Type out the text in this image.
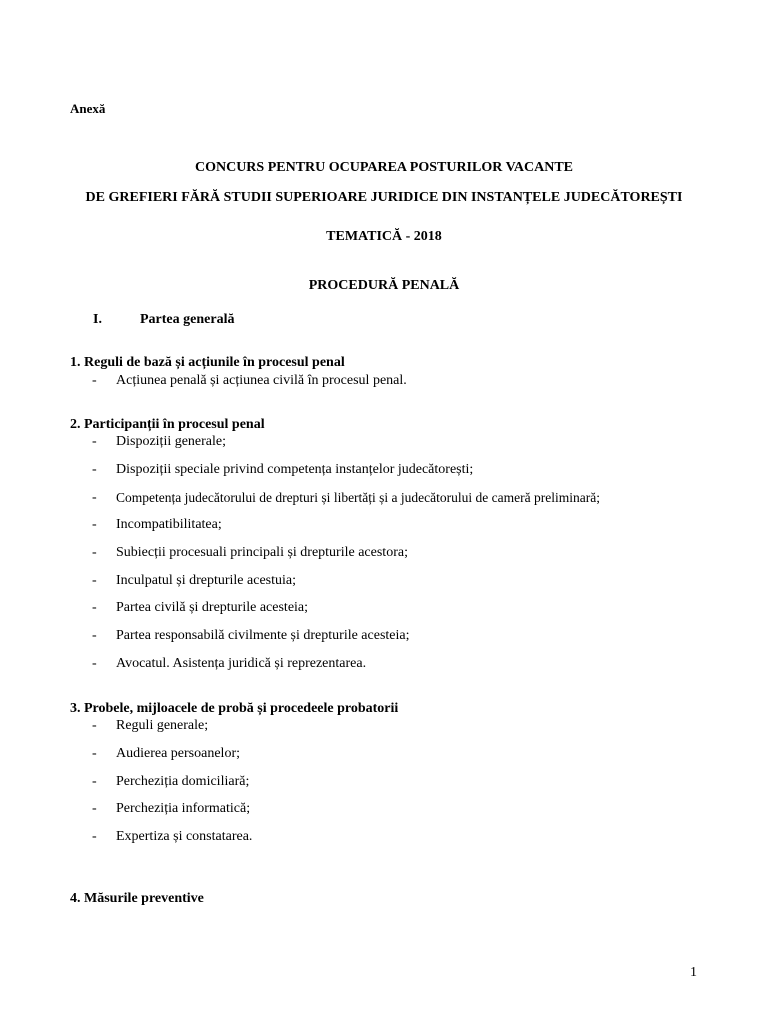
Anexă
CONCURS PENTRU OCUPAREA POSTURILOR VACANTE
DE GREFIERI FĂRĂ STUDII SUPERIOARE JURIDICE DIN INSTANȚELE JUDECĂTOREȘTI
TEMATICĂ - 2018
PROCEDURĂ PENALĂ
I.	Partea generală
1. Reguli de bază și acțiunile în procesul penal
- Acțiunea penală și acțiunea civilă în procesul penal.
2. Participanții în procesul penal
- Dispoziții generale;
- Dispoziții speciale privind competența instanțelor judecătorești;
- Competența judecătorului de drepturi și libertăți și a judecătorului de cameră preliminară;
- Incompatibilitatea;
- Subiecții procesuali principali și drepturile acestora;
- Inculpatul și drepturile acestuia;
- Partea civilă și drepturile acesteia;
- Partea responsabilă civilmente și drepturile acesteia;
- Avocatul. Asistența juridică și reprezentarea.
3. Probele, mijloacele de probă și procedeele probatorii
- Reguli generale;
- Audierea persoanelor;
- Percheziția domiciliară;
- Percheziția informatică;
- Expertiza și constatarea.
4. Măsurile preventive
1
